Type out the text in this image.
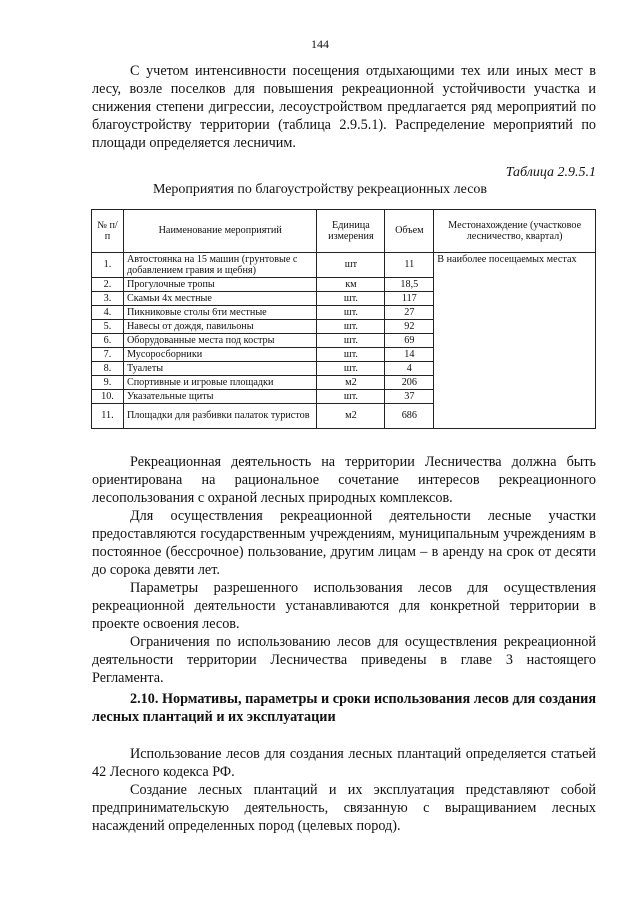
144

С учетом интенсивности посещения отдыхающими тех или иных мест в лесу, возле поселков для повышения рекреационной устойчивости участка и снижения степени дигрессии, лесоустройством предлагается ряд мероприятий по благоустройству территории (таблица 2.9.5.1). Распределение мероприятий по площади определяется лесничим.

Таблица 2.9.5.1
Мероприятия по благоустройству рекреационных лесов
№ п/п	Наименование мероприятий	Единица измерения	Объем	Местонахождение (участковое лесничество, квартал)
1.	Автостоянка на 15 машин (грунтовые с добавлением гравия и щебня)	шт	11	В наиболее посещаемых местах
2.	Прогулочные тропы	км	18,5	
3.	Скамьи 4х местные	шт.	117	
4.	Пикниковые столы 6ти местные	шт.	27	
5.	Навесы от дождя, павильоны	шт.	92	
6.	Оборудованные места под костры	шт.	69	
7.	Мусоросборники	шт.	14	
8.	Туалеты	шт.	4	
9.	Спортивные и игровые площадки	м2	206	
10.	Указательные щиты	шт.	37	
11.	Площадки для разбивки палаток туристов	м2	686	

Рекреационная деятельность на территории Лесничества должна быть ориентирована на рациональное сочетание интересов рекреационного лесопользования с охраной лесных природных комплексов.

Для осуществления рекреационной деятельности лесные участки предоставляются государственным учреждениям, муниципальным учреждениям в постоянное (бессрочное) пользование, другим лицам – в аренду на срок от десяти до сорока девяти лет.

Параметры разрешенного использования лесов для осуществления рекреационной деятельности устанавливаются для конкретной территории в проекте освоения лесов.

Ограничения по использованию лесов для осуществления рекреационной деятельности территории Лесничества приведены в главе 3 настоящего Регламента.

2.10. Нормативы, параметры и сроки использования лесов для создания лесных плантаций и их эксплуатации

Использование лесов для создания лесных плантаций определяется статьей 42 Лесного кодекса РФ.

Создание лесных плантаций и их эксплуатация представляют собой предпринимательскую деятельность, связанную с выращиванием лесных насаждений определенных пород (целевых пород).
